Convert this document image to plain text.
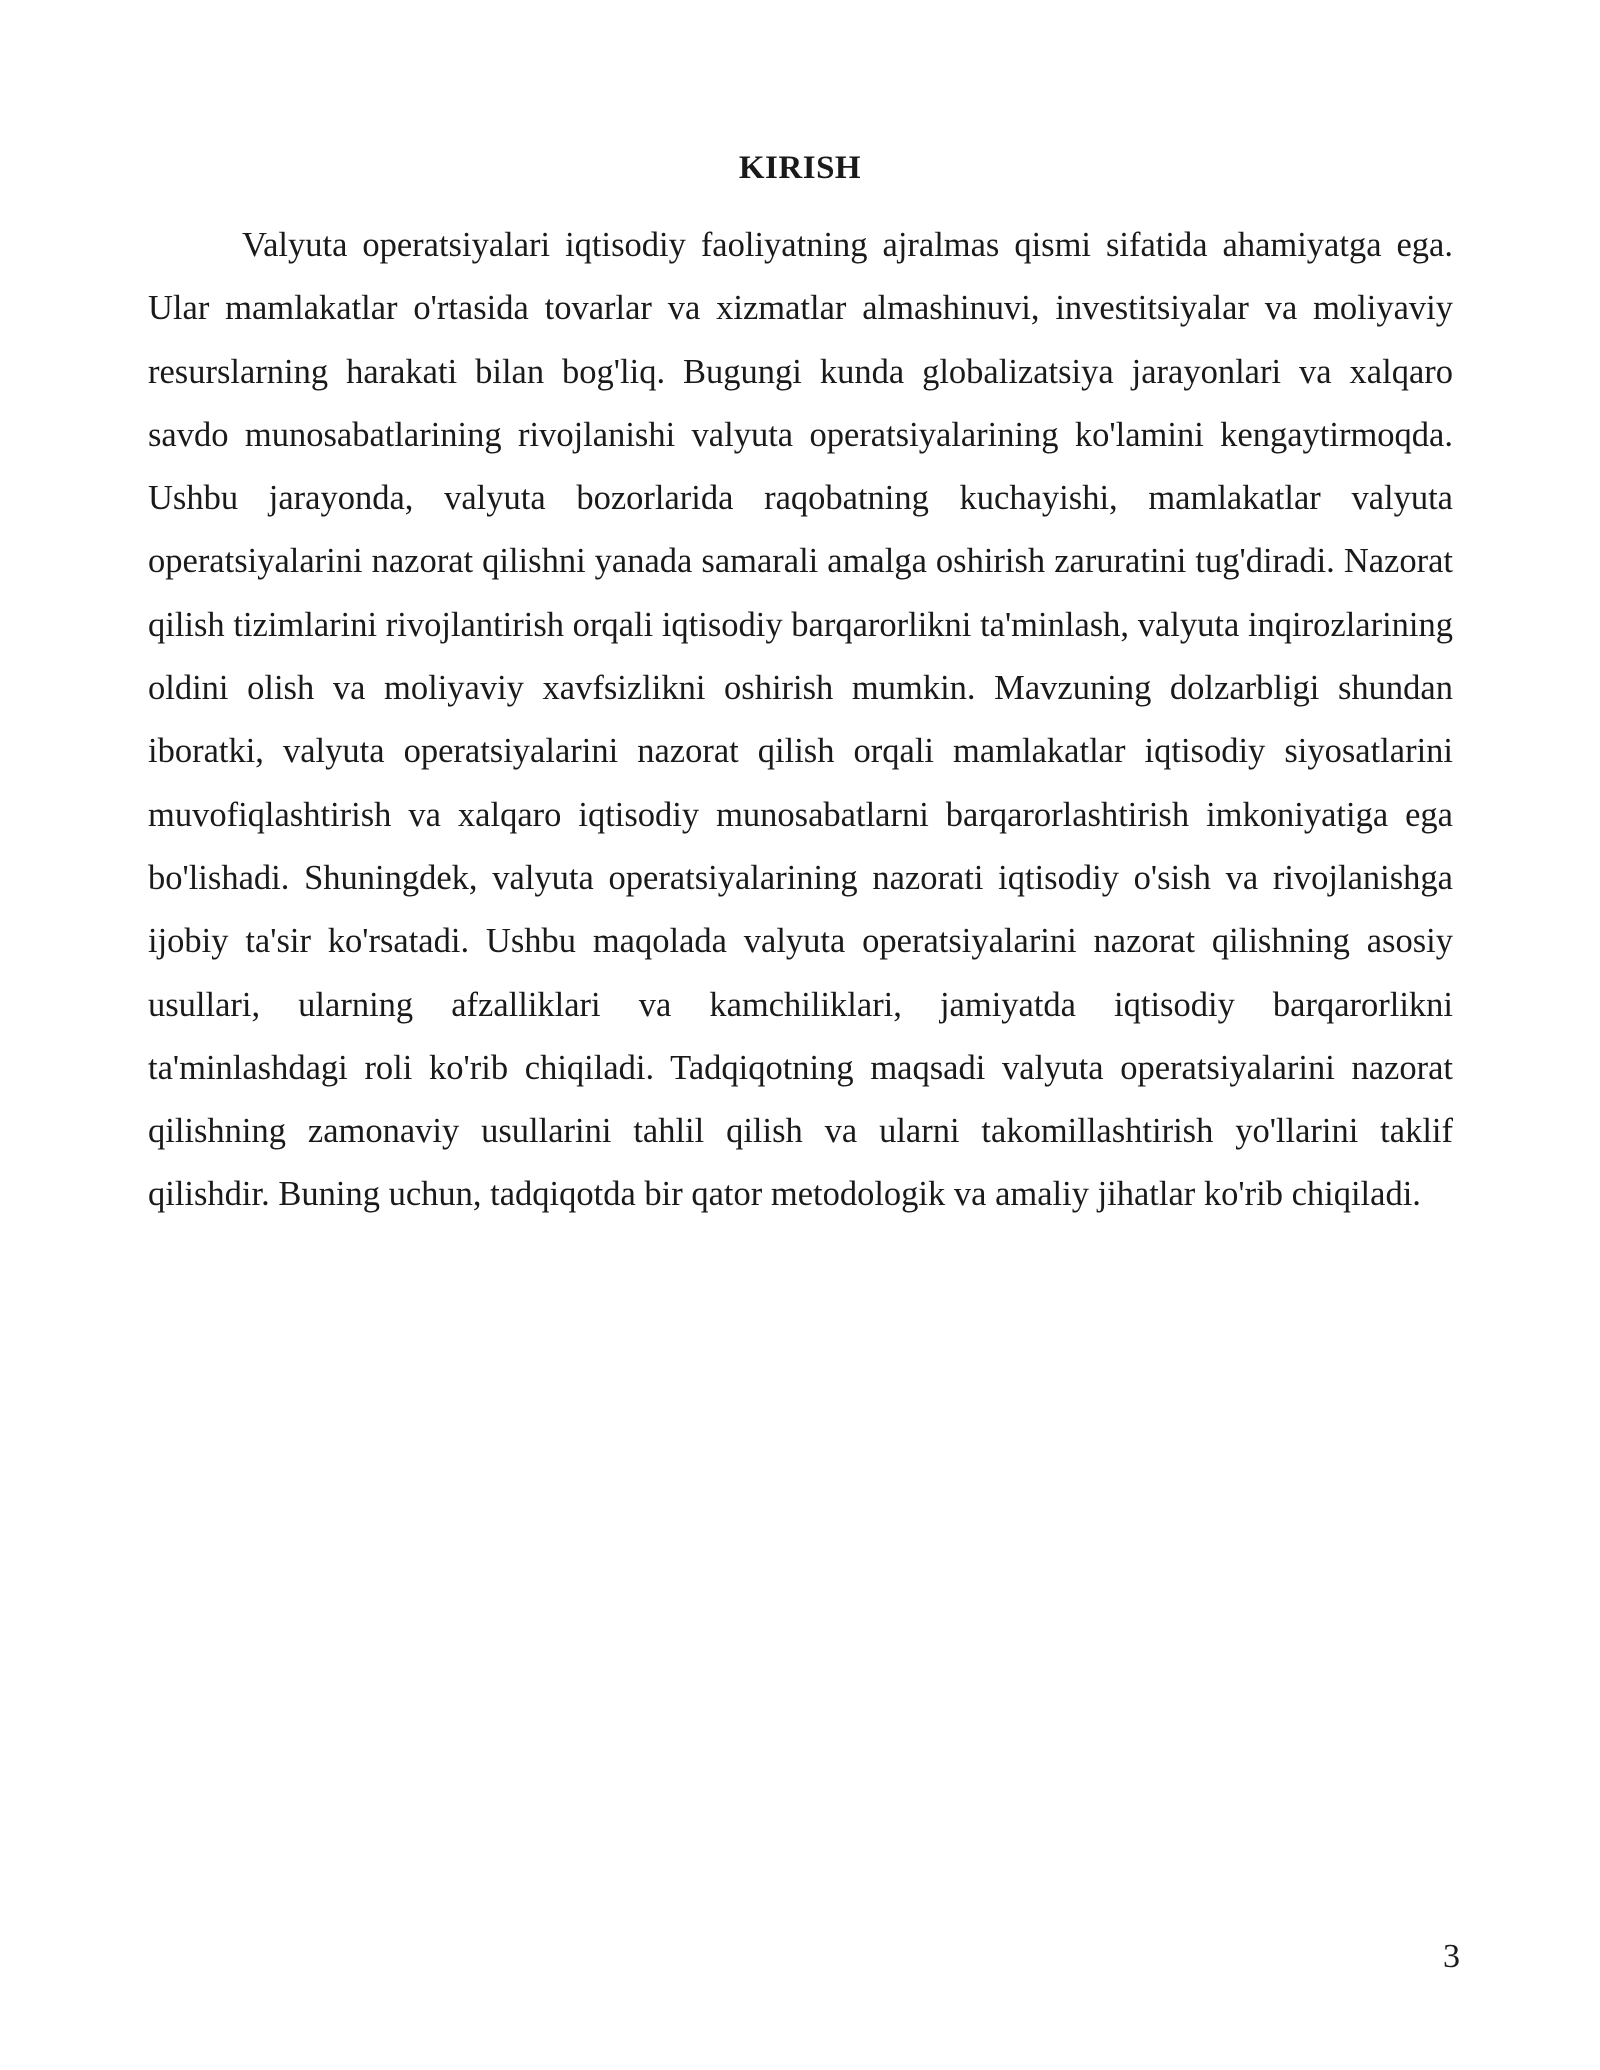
KIRISH

Valyuta operatsiyalari iqtisodiy faoliyatning ajralmas qismi sifatida ahamiyatga ega. Ular mamlakatlar o'rtasida tovarlar va xizmatlar almashinuvi, investitsiyalar va moliyaviy resurslarning harakati bilan bog'liq. Bugungi kunda globalizatsiya jarayonlari va xalqaro savdo munosabatlarining rivojlanishi valyuta operatsiyalarining ko'lamini kengaytirmoqda. Ushbu jarayonda, valyuta bozorlarida raqobatning kuchayishi, mamlakatlar valyuta operatsiyalarini nazorat qilishni yanada samarali amalga oshirish zaruratini tug'diradi. Nazorat qilish tizimlarini rivojlantirish orqali iqtisodiy barqarorlikni ta'minlash, valyuta inqirozlarining oldini olish va moliyaviy xavfsizlikni oshirish mumkin. Mavzuning dolzarbligi shundan iboratki, valyuta operatsiyalarini nazorat qilish orqali mamlakatlar iqtisodiy siyosatlarini muvofiqlashtirish va xalqaro iqtisodiy munosabatlarni barqarorlashtirish imkoniyatiga ega bo'lishadi. Shuningdek, valyuta operatsiyalarining nazorati iqtisodiy o'sish va rivojlanishga ijobiy ta'sir ko'rsatadi. Ushbu maqolada valyuta operatsiyalarini nazorat qilishning asosiy usullari, ularning afzalliklari va kamchiliklari, jamiyatda iqtisodiy barqarorlikni ta'minlashdagi roli ko'rib chiqiladi. Tadqiqotning maqsadi valyuta operatsiyalarini nazorat qilishning zamonaviy usullarini tahlil qilish va ularni takomillashtirish yo'llarini taklif qilishdir. Buning uchun, tadqiqotda bir qator metodologik va amaliy jihatlar ko'rib chiqiladi.

3
